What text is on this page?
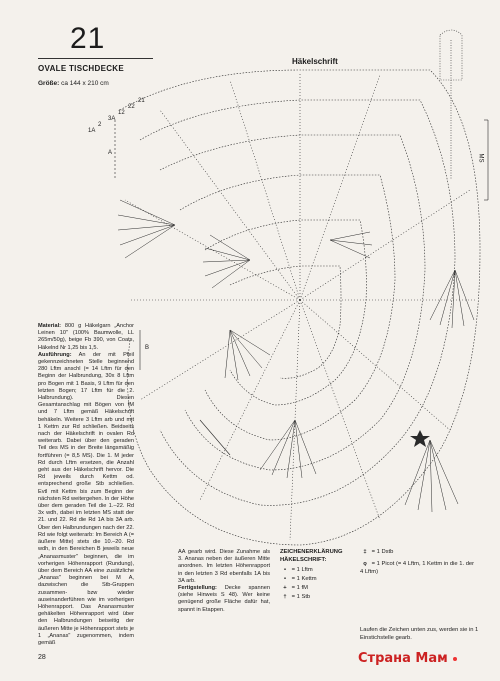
21
OVALE TISCHDECKE
Größe: ca 144 x 210 cm
Häkelschrift
MS
A
B
1A
2
3A
12
22
21

Material: 800 g Häkelgarn „Anchor Leinen 10" (100% Baumwolle, LL 265m/50g), beige Fb 390, von Coats, Häkelnd Nr 1,25 bis 1,5.

Ausführung: An der mit Pfeil gekennzeichneten Stelle beginnend 280 Lftm anschl (= 14 Lftm für den Beginn der Halbrundung, 30x 8 Lftm pro Bogen mit 1 Basis, 9 Lftm für den letzten Bogen; 17 Lftm für die 2. Halbrundung). Diesen Gesamtanschlag mit Bögen von fM und 7 Lftm gemäß Häkelschrift behäkeln. Weitere 3 Lftm arb und mit 1 Kettm zur Rd schließen. Beidseits nach der Häkelschrift in ovalen Rd weiterarb. Dabei über den geraden Teil des MS in der Breite längsmäßig fortführen (= 8,5 MS). Die 1. M jeder Rd durch Lftm ersetzen, die Anzahl geht aus der Häkelschrift hervor. Die Rd jeweils durch Kettm od. entsprechend große Stb schließen. Evtl mit Kettm bis zum Beginn der nächsten Rd weitergehen. In der Höhe über dem geraden Teil die 1.–22. Rd 3x wdh, dabei im letzten MS statt der 21. und 22. Rd die Rd 1A bis 3A arb. Über den Halbrundungen nach der 22. Rd wie folgt weiterarb: Im Bereich A (= äußere Mitte) stets die 10.–20. Rd wdh, in den Bereichen B jeweils neue „Ananasmuster" beginnen, die im vorherigen Höhenrapport (Rundung), über dem Bereich AA eine zusätzliche „Ananas" beginnen bei M A, dazwischen die Stb-Gruppen zusammen- bzw wieder auseinanderführen wie im vorherigen Höhenrapport. Das Ananasmuster gehäkelten Höhenrapport wird über den Halbrundungen beiseitig der äußeren Mitte je Höhenrapport stets je 1 „Ananas" zugenommen, indem gemäß

AA gearb wird. Diese Zunahme als 3. Ananas neben der äußeren Mitte anordnen. Im letzten Höhenrapport in den letzten 3 Rd ebenfalls 1A bis 3A arb.

Fertigstellung: Decke spannen (siehe Hinweis S 48). Wer keine genügend große Fläche dafür hat, spannt in Etappen.

ZEICHENERKLÄRUNG HÄKELSCHRIFT:
• = 1 Lftm
• = 1 Kettm
+ = 1 fM
† = 1 Stb
‡ = 1 Dstb
ǫ = 1 Picot (= 4 Lftm, 1 Kettm in die 1. der 4 Lftm)
Laufen die Zeichen unten zus, werden sie in 1 Einstichstelle gearb.
28	Страна Мам
